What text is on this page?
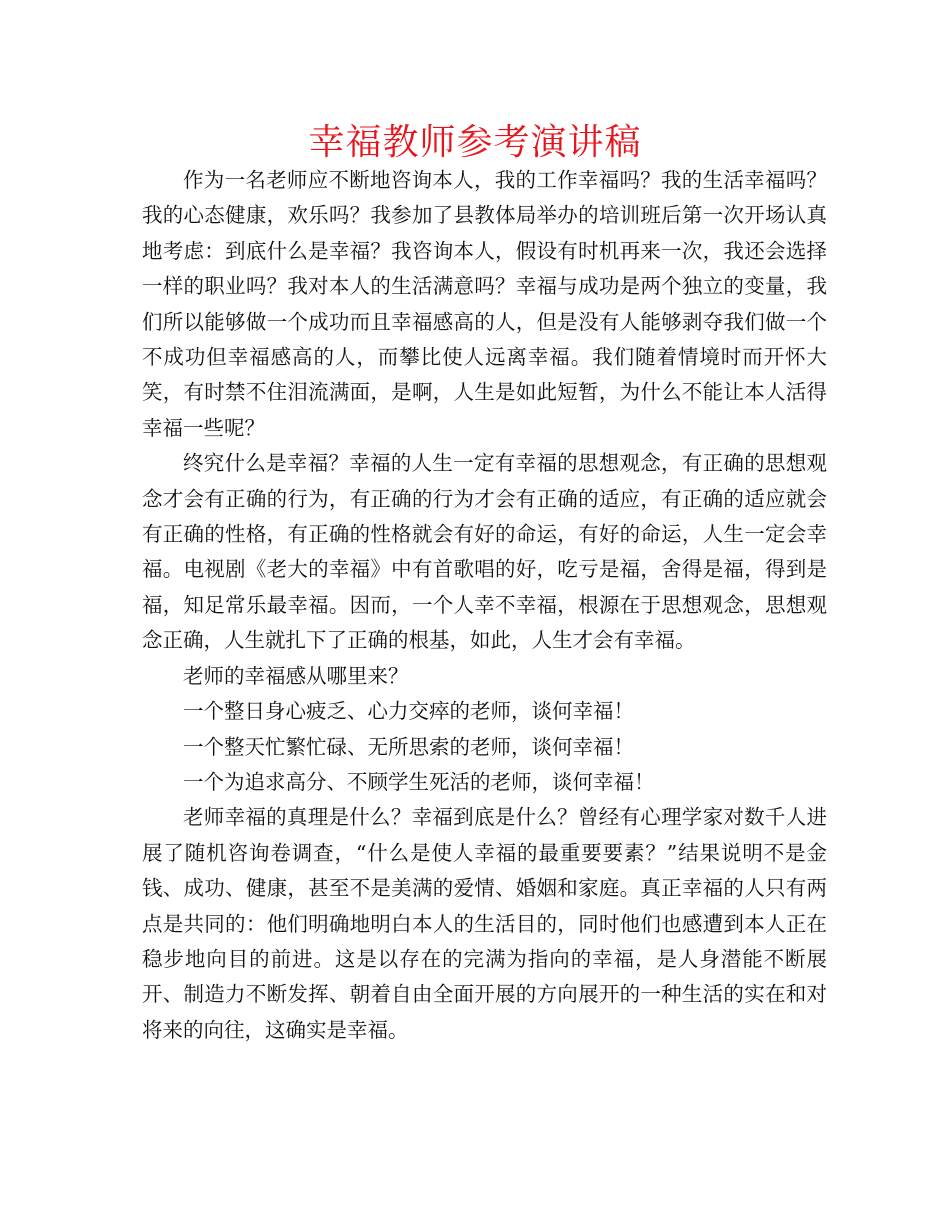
幸福教师参考演讲稿

作为一名老师应不断地咨询本人，我的工作幸福吗？我的生活幸福吗？我的心态健康，欢乐吗？我参加了县教体局举办的培训班后第一次开场认真地考虑：到底什么是幸福？我咨询本人，假设有时机再来一次，我还会选择一样的职业吗？我对本人的生活满意吗？幸福与成功是两个独立的变量，我们所以能够做一个成功而且幸福感高的人，但是没有人能够剥夺我们做一个不成功但幸福感高的人，而攀比使人远离幸福。我们随着情境时而开怀大笑，有时禁不住泪流满面，是啊，人生是如此短暂，为什么不能让本人活得幸福一些呢？

终究什么是幸福？幸福的人生一定有幸福的思想观念，有正确的思想观念才会有正确的行为，有正确的行为才会有正确的适应，有正确的适应就会有正确的性格，有正确的性格就会有好的命运，有好的命运，人生一定会幸福。电视剧《老大的幸福》中有首歌唱的好，吃亏是福，舍得是福，得到是福，知足常乐最幸福。因而，一个人幸不幸福，根源在于思想观念，思想观念正确，人生就扎下了正确的根基，如此，人生才会有幸福。

老师的幸福感从哪里来？

一个整日身心疲乏、心力交瘁的老师，谈何幸福！

一个整天忙繁忙碌、无所思索的老师，谈何幸福！

一个为追求高分、不顾学生死活的老师，谈何幸福！

老师幸福的真理是什么？幸福到底是什么？曾经有心理学家对数千人进展了随机咨询卷调查，“什么是使人幸福的最重要要素？”结果说明不是金钱、成功、健康，甚至不是美满的爱情、婚姻和家庭。真正幸福的人只有两点是共同的：他们明确地明白本人的生活目的，同时他们也感遭到本人正在稳步地向目的前进。这是以存在的完满为指向的幸福，是人身潜能不断展开、制造力不断发挥、朝着自由全面开展的方向展开的一种生活的实在和对将来的向往，这确实是幸福。
